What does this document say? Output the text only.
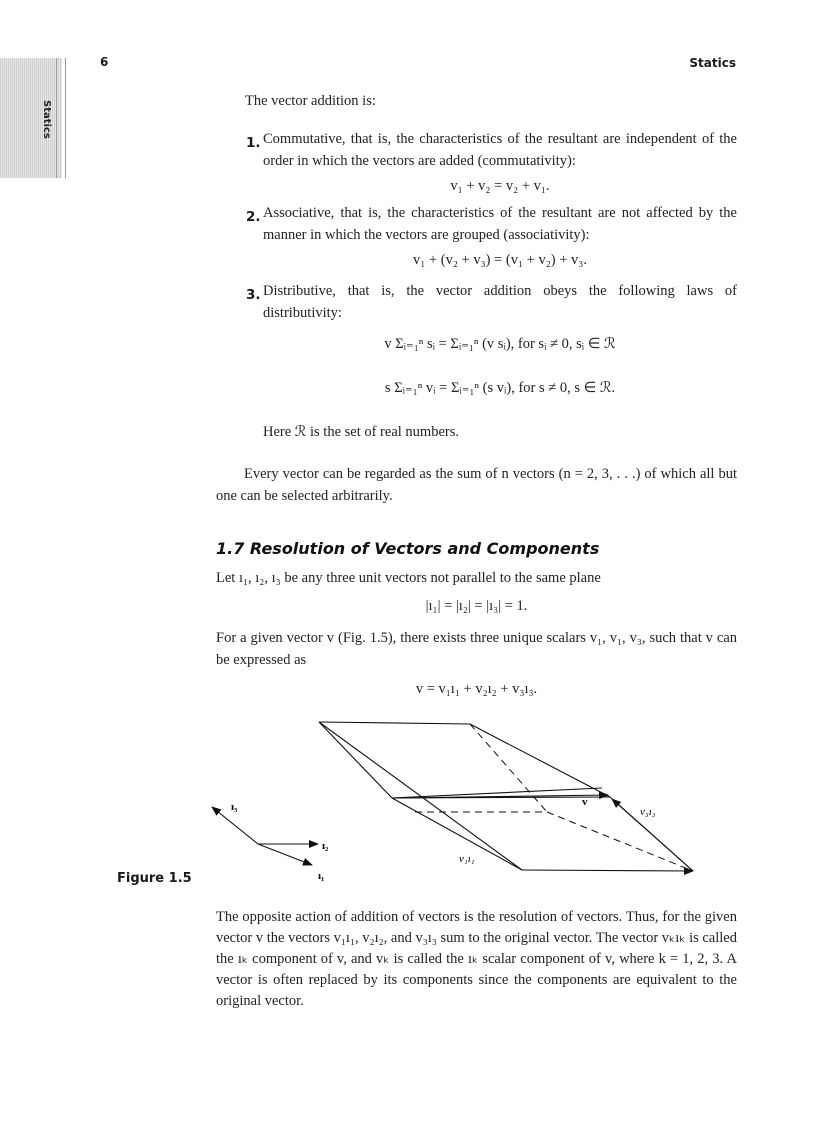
Statics
6	Statics
The vector addition is:
1. Commutative, that is, the characteristics of the resultant are independent of the order in which the vectors are added (commutativity):
v₁ + v₂ = v₂ + v₁.
2. Associative, that is, the characteristics of the resultant are not affected by the manner in which the vectors are grouped (associativity):
v₁ + (v₂ + v₃) = (v₁ + v₂) + v₃.
3. Distributive, that is, the vector addition obeys the following laws of distributivity:
v Σᵢ₌₁ⁿ sᵢ = Σᵢ₌₁ⁿ (v sᵢ), for sᵢ ≠ 0, sᵢ ∈ ℛ
s Σᵢ₌₁ⁿ vᵢ = Σᵢ₌₁ⁿ (s vᵢ), for s ≠ 0, s ∈ ℛ.
Here ℛ is the set of real numbers.
Every vector can be regarded as the sum of n vectors (n = 2, 3, . . .) of which all but one can be selected arbitrarily.
1.7 Resolution of Vectors and Components
Let ı₁, ı₂, ı₃ be any three unit vectors not parallel to the same plane
|ı₁| = |ı₂| = |ı₃| = 1.
For a given vector v (Fig. 1.5), there exists three unique scalars v₁, v₁, v₃, such that v can be expressed as
v = v₁ı₁ + v₂ı₂ + v₃ı₃.
ı₃
ı₂
ı₁
v
v₁ı₁
v₃ı₃
Figure 1.5
The opposite action of addition of vectors is the resolution of vectors. Thus, for the given vector v the vectors v₁ı₁, v₂ı₂, and v₃ı₃ sum to the original vector. The vector vₖıₖ is called the ıₖ component of v, and vₖ is called the ıₖ scalar component of v, where k = 1, 2, 3. A vector is often replaced by its components since the components are equivalent to the original vector.
